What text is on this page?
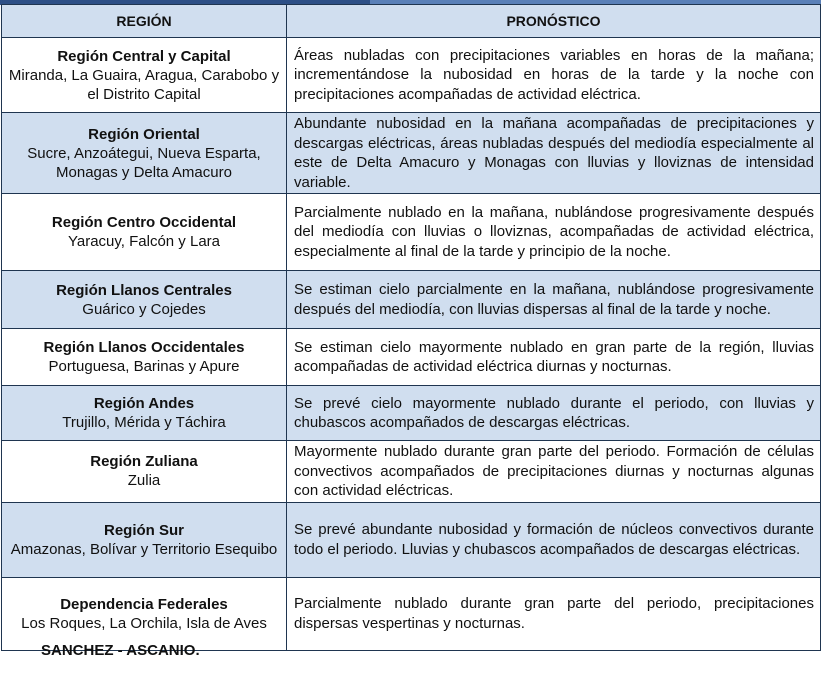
REGIÓN	PRONÓSTICO

Región Central y Capital
Miranda, La Guaira, Aragua, Carabobo y el Distrito Capital	Áreas nubladas con precipitaciones variables en horas de la mañana; incrementándose la nubosidad en horas de la tarde y la noche con precipitaciones acompañadas de actividad eléctrica.

Región Oriental
Sucre, Anzoátegui, Nueva Esparta, Monagas y Delta Amacuro	Abundante nubosidad en la mañana acompañadas de precipitaciones y descargas eléctricas, áreas nubladas después del mediodía especialmente al este de Delta Amacuro y Monagas con lluvias y lloviznas de intensidad variable.

Región Centro Occidental
Yaracuy, Falcón y Lara	Parcialmente nublado en la mañana, nublándose progresivamente después del mediodía con lluvias o lloviznas, acompañadas de actividad eléctrica, especialmente al final de la tarde y principio de la noche.

Región Llanos Centrales
Guárico y Cojedes	Se estiman cielo parcialmente en la mañana, nublándose progresivamente después del mediodía, con lluvias dispersas al final de la tarde y noche.

Región Llanos Occidentales
Portuguesa, Barinas y Apure	Se estiman cielo mayormente nublado en gran parte de la región, lluvias acompañadas de actividad eléctrica diurnas y nocturnas.

Región Andes
Trujillo, Mérida y Táchira	Se prevé cielo mayormente nublado durante el periodo, con lluvias y chubascos acompañados de descargas eléctricas.

Región Zuliana
Zulia	Mayormente nublado durante gran parte del periodo. Formación de células convectivos acompañados de precipitaciones diurnas y nocturnas algunas con actividad eléctricas.

Región Sur
Amazonas, Bolívar y Territorio Esequibo	Se prevé abundante nubosidad y formación de núcleos convectivos durante todo el periodo. Lluvias y chubascos acompañados de descargas eléctricas.

Dependencia Federales
Los Roques, La Orchila, Isla de Aves	Parcialmente nublado durante gran parte del periodo, precipitaciones dispersas vespertinas y nocturnas.
SANCHEZ - ASCANIO.
